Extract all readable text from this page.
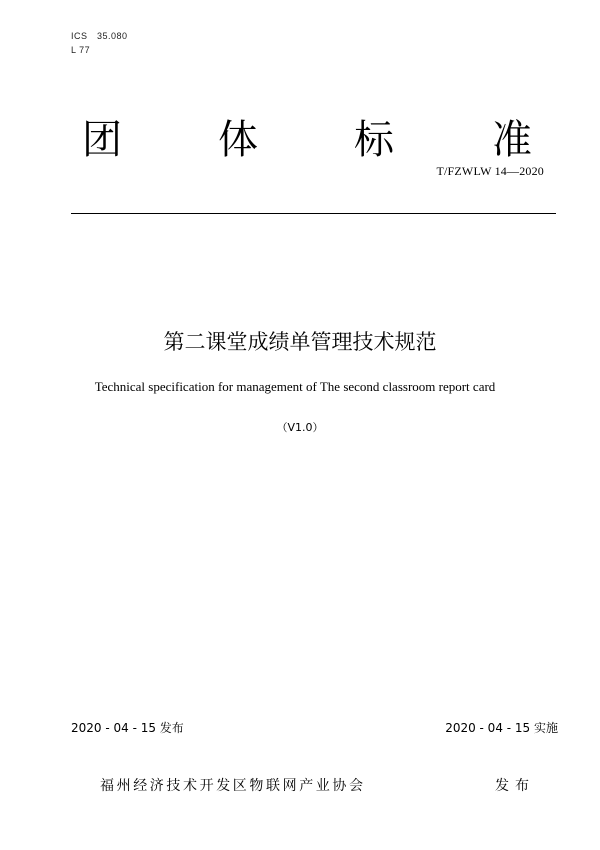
ICS　35.080
L 77
团 体 标 准
T/FZWLW 14—2020
第二课堂成绩单管理技术规范
Technical specification for management of The second classroom report card
（V1.0）
2020 - 04 - 15 发布	2020 - 04 - 15 实施
福州经济技术开发区物联网产业协会	发布
